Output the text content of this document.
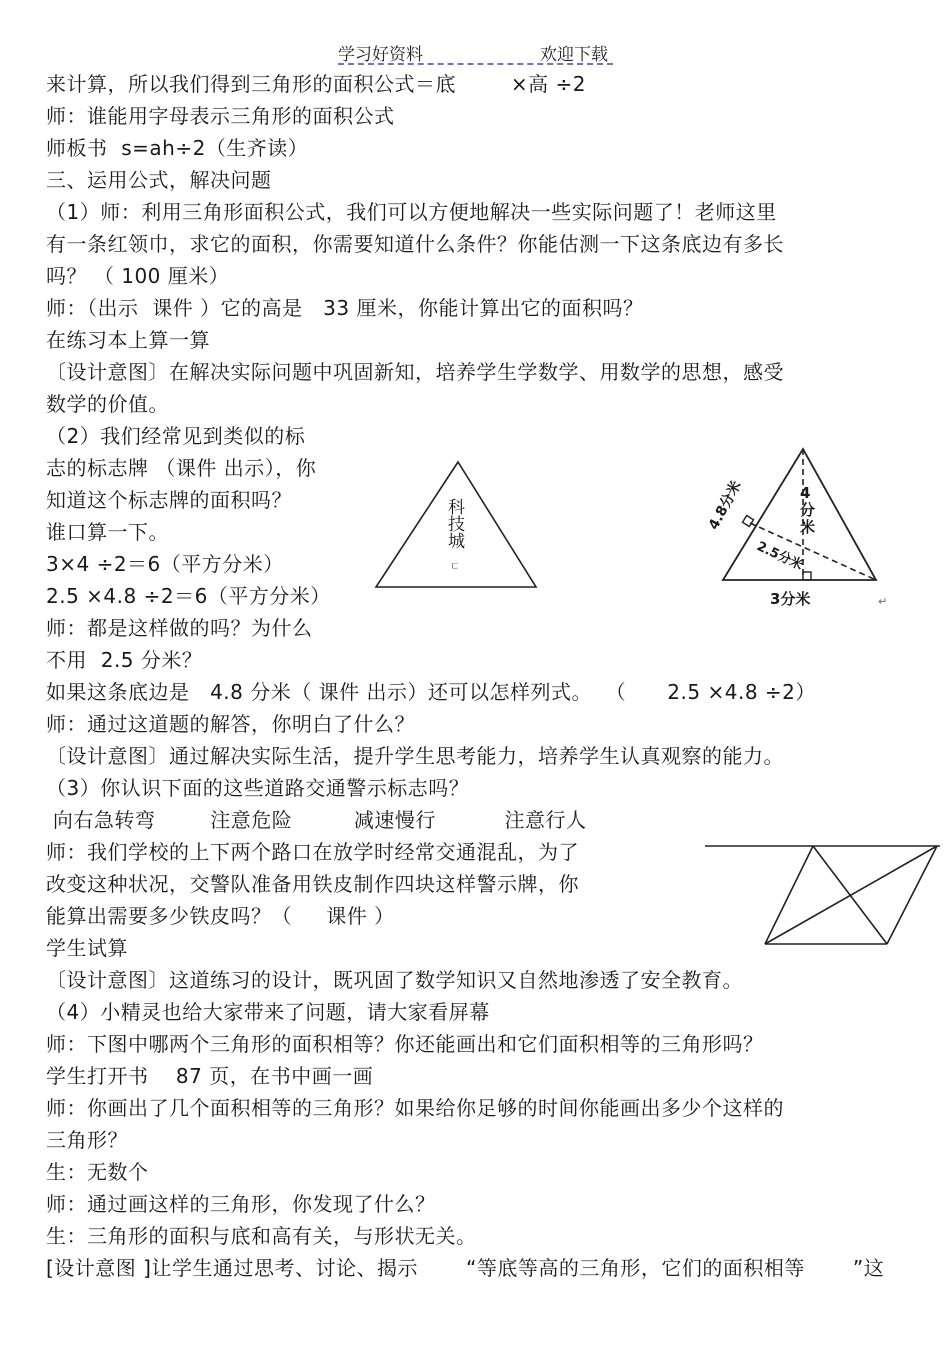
学习好资料	欢迎下载
来计算，所以我们得到三角形的面积公式＝底        ×高 ÷2
师：谁能用字母表示三角形的面积公式
师板书  s=ah÷2（生齐读）
三、运用公式，解决问题
（1）师：利用三角形面积公式，我们可以方便地解决一些实际问题了！老师这里
有一条红领巾，求它的面积，你需要知道什么条件？你能估测一下这条底边有多长
吗？ （ 100 厘米）
师：（出示  课件 ）它的高是   33 厘米，你能计算出它的面积吗？
在练习本上算一算
〔设计意图〕在解决实际问题中巩固新知，培养学生学数学、用数学的思想，感受
数学的价值。
（2）我们经常见到类似的标
志的标志牌 （课件 出示），你
知道这个标志牌的面积吗？
谁口算一下。
3×4 ÷2＝6（平方分米）
2.5 ×4.8 ÷2＝6（平方分米）
师：都是这样做的吗？为什么
不用  2.5 分米？
如果这条底边是   4.8 分米（ 课件 出示）还可以怎样列式。  （      2.5 ×4.8 ÷2）
师：通过这道题的解答，你明白了什么？
〔设计意图〕通过解决实际生活，提升学生思考能力，培养学生认真观察的能力。
（3）你认识下面的这些道路交通警示标志吗？
向右急转弯        注意危险         减速慢行          注意行人
师：我们学校的上下两个路口在放学时经常交通混乱，为了
改变这种状况，交警队准备用铁皮制作四块这样警示牌，你
能算出需要多少铁皮吗？（     课件 ）
学生试算
〔设计意图〕这道练习的设计，既巩固了数学知识又自然地渗透了安全教育。
（4）小精灵也给大家带来了问题，请大家看屏幕
师：下图中哪两个三角形的面积相等？你还能画出和它们面积相等的三角形吗？
学生打开书    87 页，在书中画一画
师：你画出了几个面积相等的三角形？如果给你足够的时间你能画出多少个这样的
三角形？
生：无数个
师：通过画这样的三角形，你发现了什么？
生：三角形的面积与底和高有关，与形状无关。
[设计意图 ]让学生通过思考、讨论、揭示       “等底等高的三角形，它们的面积相等       ”这
科技城
ㄷ
4.8分米	4分米
2.5分米
3分米	↵
